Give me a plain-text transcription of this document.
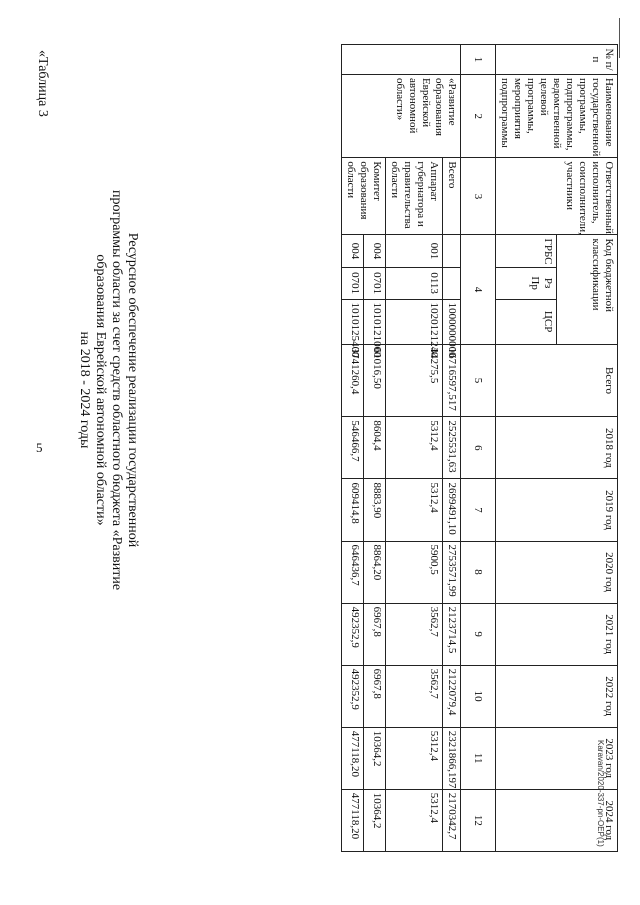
5
«Таблица 3
Ресурсное обеспечение реализации государственной
программы области за счет средств областного бюджета «Развитие
образования Еврейской автономной области»
на 2018 - 2024 годы
Karavan/2020-337-pn-OEP(1)
№ п/п	Наименование государственной программы, подпрограммы, ведомственной целевой программы, мероприятия подпрограммы	Ответственный исполнитель, соисполнители, участники	Код бюджетной классификации			Всего	2018 год	2019 год	2020 год	2021 год	2022 год	2023 год	2024 год
			ГРБС	Рз Пр	ЦСР								
1	2	3	4			5	6	7	8	9	10	11	12
	«Развитие образования Еврейской автономной области»	Всего			1000000000	16716597,517	2525531,63	2699491,10	2753571,99	2123714,5	2122079,4	2321866,197	2170342,7
		Аппарат губернатора и правительства области	001	0113	1020121240	34275,5	5312,4	5312,4	5900,5	3562,7	3562,7	5312,4	5312,4
		Комитет образования области	004	0701	1010121000	61016,50	8604,4	8883,90	8864,20	6967,8	6967,8	10364,2	10364,2
			004	0701	1010125400	3741260,4	546466,7	609414,8	646436,7	492352,9	492352,9	477118,20	477118,20
